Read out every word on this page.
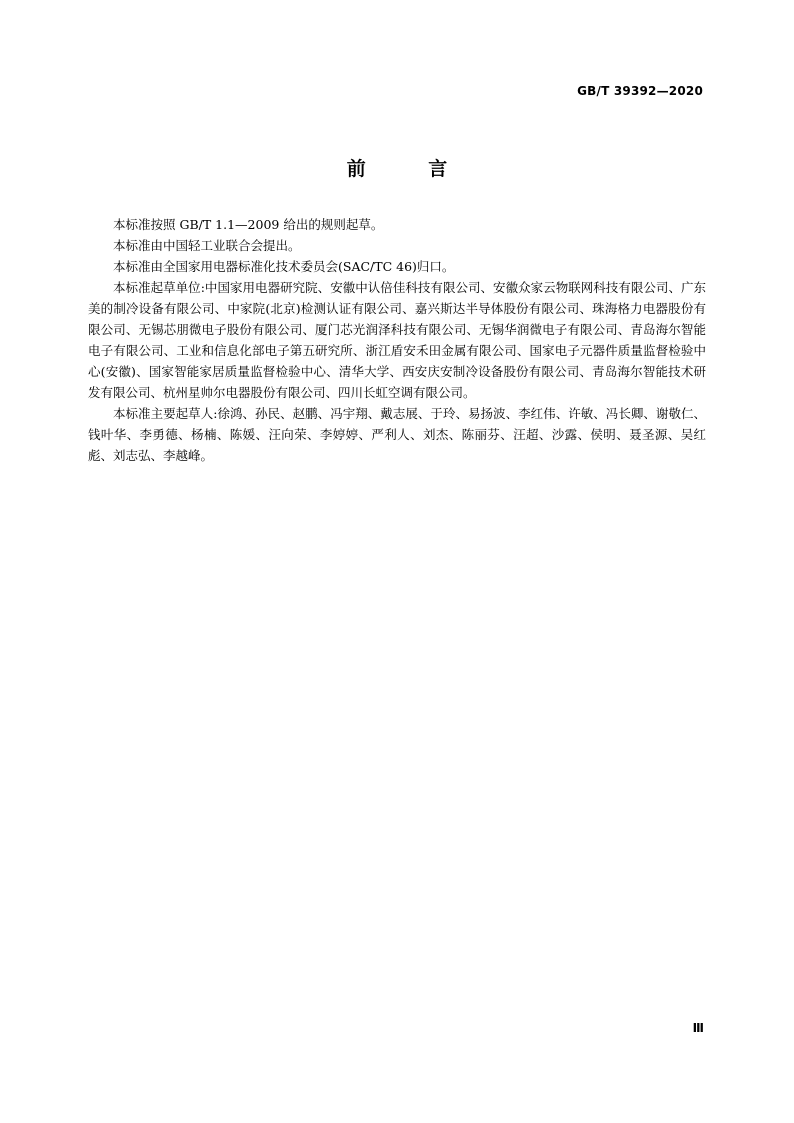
GB/T 39392—2020
前 言

本标准按照 GB/T 1.1—2009 给出的规则起草。

本标准由中国轻工业联合会提出。

本标准由全国家用电器标准化技术委员会(SAC/TC 46)归口。

本标准起草单位:中国家用电器研究院、安徽中认倍佳科技有限公司、安徽众家云物联网科技有限公司、广东美的制冷设备有限公司、中家院(北京)检测认证有限公司、嘉兴斯达半导体股份有限公司、珠海格力电器股份有限公司、无锡芯朋微电子股份有限公司、厦门芯光润泽科技有限公司、无锡华润微电子有限公司、青岛海尔智能电子有限公司、工业和信息化部电子第五研究所、浙江盾安禾田金属有限公司、国家电子元器件质量监督检验中心(安徽)、国家智能家居质量监督检验中心、清华大学、西安庆安制冷设备股份有限公司、青岛海尔智能技术研发有限公司、杭州星帅尔电器股份有限公司、四川长虹空调有限公司。

本标准主要起草人:徐鸿、孙民、赵鹏、冯宇翔、戴志展、于玲、易扬波、李红伟、许敏、冯长卿、谢敬仁、钱叶华、李勇德、杨楠、陈媛、汪向荣、李婷婷、严利人、刘杰、陈丽芬、汪超、沙露、侯明、聂圣源、吴红彪、刘志弘、李越峰。

Ⅲ
